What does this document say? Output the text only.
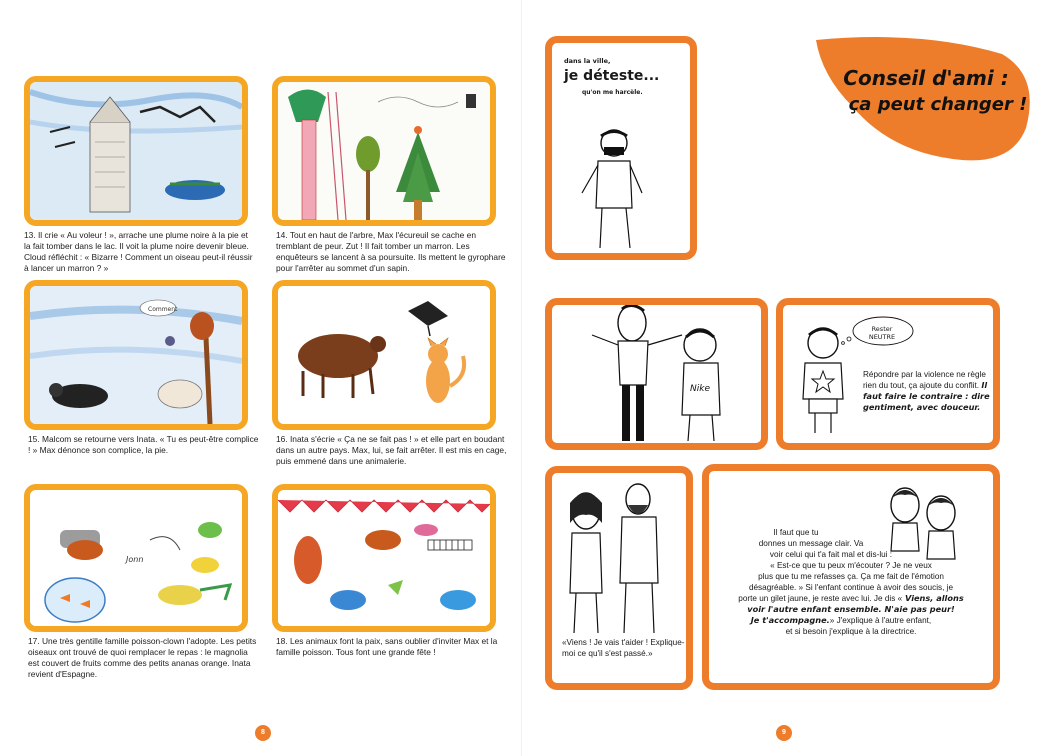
13. Il crie « Au voleur ! », arrache une plume noire à la pie et la fait tomber dans le lac. Il voit la plume noire devenir bleue. Cloud réfléchit : « Bizarre ! Comment un oiseau peut-il réussir à lancer un marron ? »

14. Tout en haut de l'arbre, Max l'écureuil se cache en tremblant de peur. Zut ! Il fait tomber un marron. Les enquêteurs se lancent à sa poursuite. Ils mettent le gyrophare pour l'arrêter au sommet d'un sapin.

Comment

15. Malcom se retourne vers Inata. « Tu es peut-être complice ! » Max dénonce son complice, la pie.

16. Inata s'écrie « Ça ne se fait pas ! » et elle part en boudant dans un autre pays. Max, lui, se fait arrêter. Il est mis en cage, puis emmené dans une animalerie.

Jonn

17. Une très gentille famille poisson-clown l'adopte. Les petits oiseaux ont trouvé de quoi remplacer le repas : le magnolia est couvert de fruits comme des petits ananas orange. Inata revient d'Espagne.

18. Les animaux font la paix, sans oublier d'inviter Max et la famille poisson. Tous font une grande fête !

8
dans la ville,
je déteste...
qu'on me harcèle.
Conseil d'ami :
ça peut changer !
Nike
Rester NEUTRE
Répondre par la violence ne règle rien du tout, ça ajoute du conflit. Il faut faire le contraire : dire gentiment, avec douceur.
«Viens ! Je vais t'aider ! Explique-moi ce qu'il s'est passé.»
Il faut que tu
donnes un message clair. Va
voir celui qui t'a fait mal et dis-lui :
« Est-ce que tu peux m'écouter ? Je ne veux
plus que tu me refasses ça. Ça me fait de l'émotion
désagréable. » Si l'enfant continue à avoir des soucis, je
porte un gilet jaune, je reste avec lui. Je dis « Viens, allons
voir l'autre enfant ensemble. N'aie pas peur!
Je t'accompagne.» J'explique à l'autre enfant,
et si besoin j'explique à la directrice.
9
